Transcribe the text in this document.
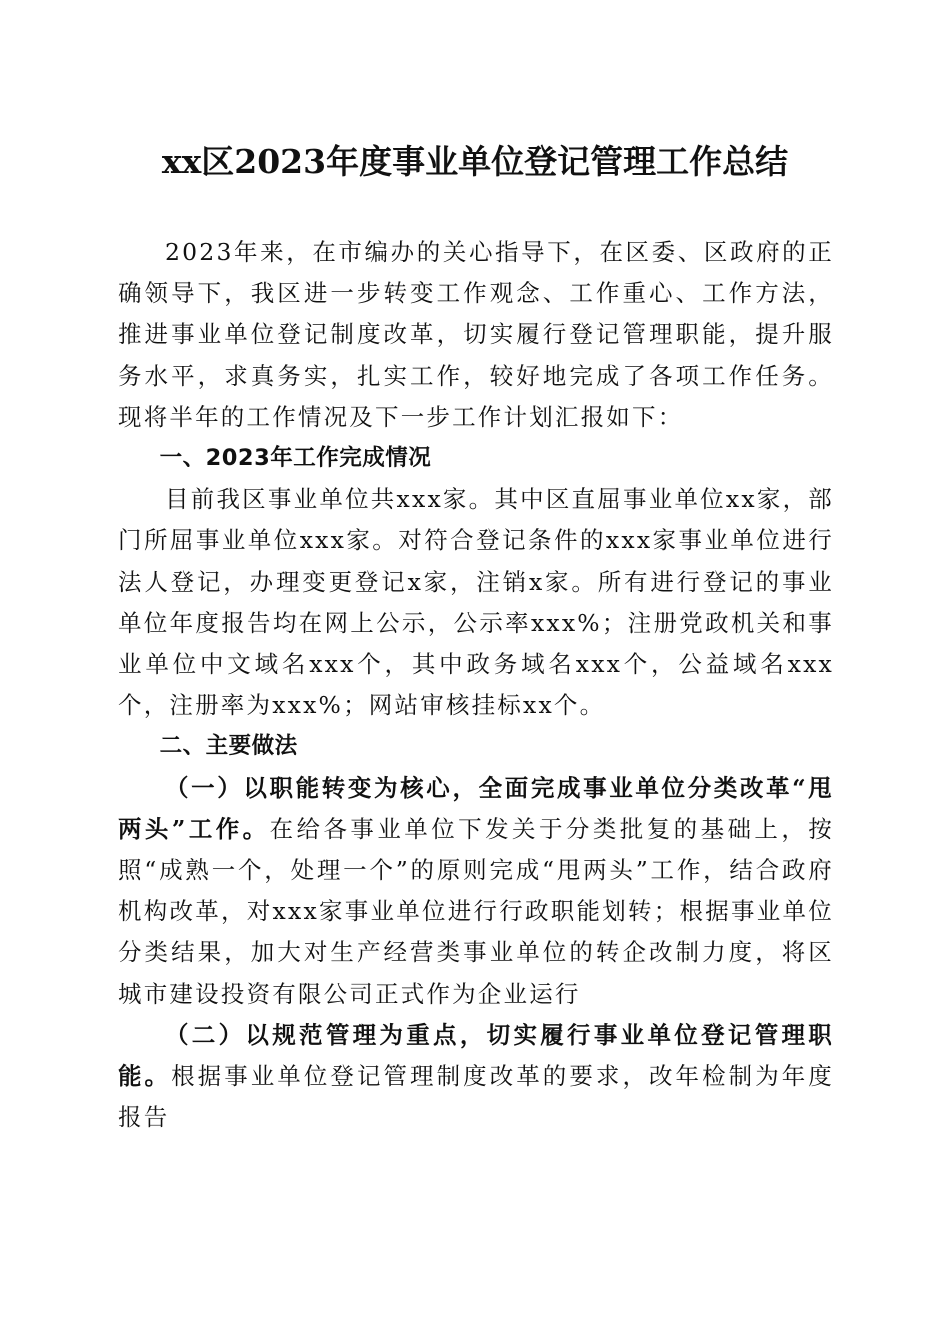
xx区2023年度事业单位登记管理工作总结

2023年来，在市编办的关心指导下，在区委、区政府的正确领导下，我区进一步转变工作观念、工作重心、工作方法，推进事业单位登记制度改革，切实履行登记管理职能，提升服务水平，求真务实，扎实工作，较好地完成了各项工作任务。现将半年的工作情况及下一步工作计划汇报如下：

一、2023年工作完成情况

目前我区事业单位共xxx家。其中区直屈事业单位xx家，部门所屈事业单位xxx家。对符合登记条件的xxx家事业单位进行法人登记，办理变更登记x家，注销x家。所有进行登记的事业单位年度报告均在网上公示，公示率xxx%；注册党政机关和事业单位中文域名xxx个，其中政务域名xxx个，公益域名xxx个，注册率为xxx%；网站审核挂标xx个。

二、主要做法

（一）以职能转变为核心，全面完成事业单位分类改革“甩两头”工作。在给各事业单位下发关于分类批复的基础上，按照“成熟一个，处理一个”的原则完成“甩两头”工作，结合政府机构改革，对xxx家事业单位进行行政职能划转；根据事业单位分类结果，加大对生产经营类事业单位的转企改制力度，将区城市建设投资有限公司正式作为企业运行

（二）以规范管理为重点，切实履行事业单位登记管理职能。根据事业单位登记管理制度改革的要求，改年检制为年度报告
